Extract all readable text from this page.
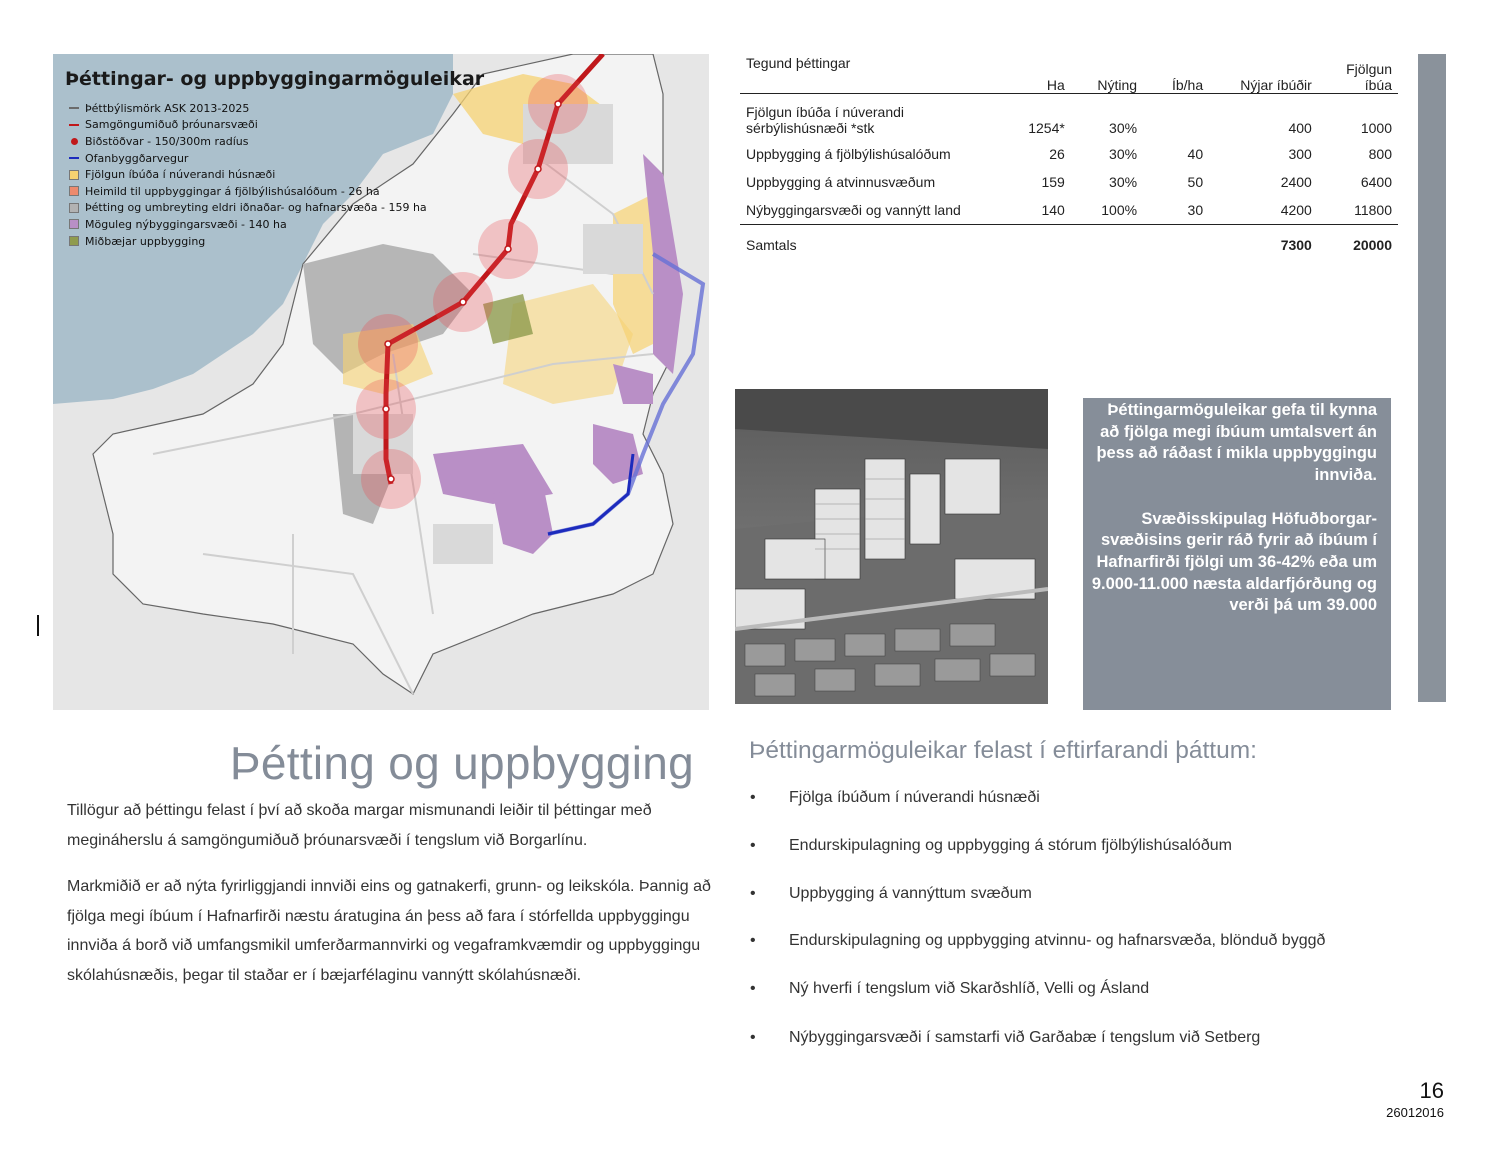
Þéttingar- og uppbyggingarmöguleikar
Þéttbýlismörk ASK 2013-2025
Samgöngumiðuð þróunarsvæði
Biðstöðvar - 150/300m radíus
Ofanbyggðarvegur
Fjölgun íbúða í núverandi húsnæði
Heimild til uppbyggingar á fjölbýlishúsalóðum - 26 ha
Þétting og umbreyting eldri iðnaðar- og hafnarsvæða - 159 ha
Möguleg nýbyggingarsvæði - 140 ha
Miðbæjar uppbygging
Tegund þéttingar	Ha	Nýting	Íb/ha	Nýjar íbúðir	Fjölgun
íbúa
Fjölgun íbúða í núverandi
sérbýlishúsnæði *stk	1254*	30%		400	1000
Uppbygging á fjölbýlishúsalóðum	26	30%	40	300	800
Uppbygging á atvinnusvæðum	159	30%	50	2400	6400
Nýbyggingarsvæði og vannýtt land	140	100%	30	4200	11800
Samtals				7300	20000
Þéttingarmöguleikar gefa til kynna að fjölga megi íbúum umtalsvert án þess að ráðast í mikla uppbyggingu innviða.
Svæðisskipulag Höfuðborgar-svæðisins gerir ráð fyrir að íbúum í Hafnarfirði fjölgi um 36-42% eða um 9.000-11.000 næsta aldarfjórðung og verði þá um 39.000
Þétting og uppbygging
Tillögur að þéttingu felast í því að skoða margar mismunandi leiðir til þéttingar með megináherslu á samgöngumiðuð þróunarsvæði í tengslum við Borgarlínu.
Markmiðið er að nýta fyrirliggjandi innviði eins og gatnakerfi, grunn- og leikskóla. Þannig að fjölga megi íbúum í Hafnarfirði næstu áratugina án þess að fara í stórfellda uppbyggingu innviða á borð við umfangsmikil umferðarmannvirki og vegaframkvæmdir og uppbyggingu skólahúsnæðis, þegar til staðar er í bæjarfélaginu vannýtt skólahúsnæði.
Þéttingarmöguleikar felast í eftirfarandi þáttum:
• Fjölga íbúðum í núverandi húsnæði
• Endurskipulagning og uppbygging á stórum fjölbýlishúsalóðum
• Uppbygging á vannýttum svæðum
• Endurskipulagning og uppbygging atvinnu- og hafnarsvæða, blönduð byggð
• Ný hverfi í tengslum við Skarðshlíð, Velli og Ásland
• Nýbyggingarsvæði í samstarfi við Garðabæ í tengslum við Setberg
16
26012016
